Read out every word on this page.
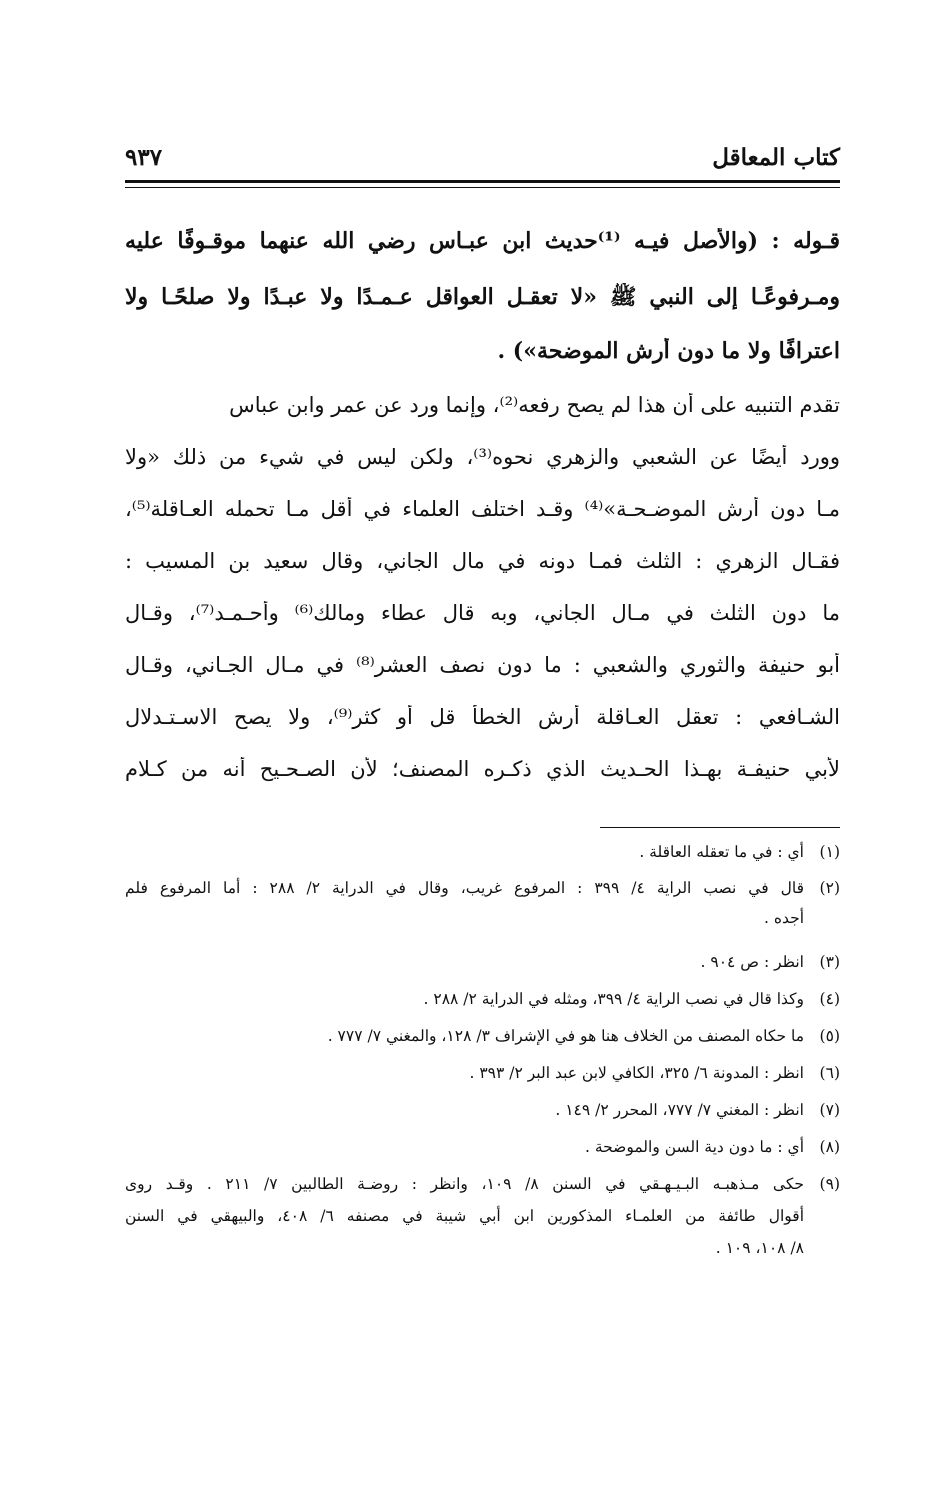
كتاب المعاقل
٩٣٧
قـوله : (والأصل فيـه ⁽¹⁾حديث ابن عبـاس رضي الله عنهما موقـوفًا عليه
ومـرفوعًـا إلى النبي ﷺ «لا تعقـل العواقل عـمـدًا ولا عبـدًا ولا صلحًـا ولا
اعترافًا ولا ما دون أرش الموضحة») .
تقدم التنبيه على أن هذا لم يصح رفعه⁽²⁾، وإنما ورد عن عمر وابن عباس
وورد أيضًا عن الشعبي والزهري نحوه⁽³⁾، ولكن ليس في شيء من ذلك «ولا
مـا دون أرش الموضـحـة»⁽⁴⁾ وقـد اختلف العلماء في أقل مـا تحمله العـاقلة⁽⁵⁾،
فقـال الزهري : الثلث فمـا دونه في مال الجاني، وقال سعيد بن المسيب :
ما دون الثلث في مـال الجاني، وبه قال عطاء ومالك⁽⁶⁾ وأحـمـد⁽⁷⁾، وقـال
أبو حنيفة والثوري والشعبي : ما دون نصف العشر⁽⁸⁾ في مـال الجـاني، وقـال
الشـافعي : تعقل العـاقلة أرش الخطأ قل أو كثر⁽⁹⁾، ولا يصح الاسـتـدلال
لأبي حنيفـة بهـذا الحـديث الذي ذكـره المصنف؛ لأن الصـحـيح أنه من كـلام
(١)
أي : في ما تعقله العاقلة .
(٢)
قال في نصب الراية ٤/ ٣٩٩ : المرفوع غريب، وقال في الدراية ٢/ ٢٨٨ : أما المرفوع فلم
أجده .
(٣)
انظر : ص ٩٠٤ .
(٤)
وكذا قال في نصب الراية ٤/ ٣٩٩، ومثله في الدراية ٢/ ٢٨٨ .
(٥)
ما حكاه المصنف من الخلاف هنا هو في الإشراف ٣/ ١٢٨، والمغني ٧/ ٧٧٧ .
(٦)
انظر : المدونة ٦/ ٣٢٥، الكافي لابن عبد البر ٢/ ٣٩٣ .
(٧)
انظر : المغني ٧/ ٧٧٧، المحرر ٢/ ١٤٩ .
(٨)
أي : ما دون دية السن والموضحة .
(٩)
حكى مـذهبـه البـيـهـقي في السنن ٨/ ١٠٩، وانظر : روضـة الطالبين ٧/ ٢١١ . وقـد روى
أقوال طائفة من العلمـاء المذكورين ابن أبي شيبة في مصنفه ٦/ ٤٠٨، والبيهقي في السنن
٨/ ١٠٨، ١٠٩ .
